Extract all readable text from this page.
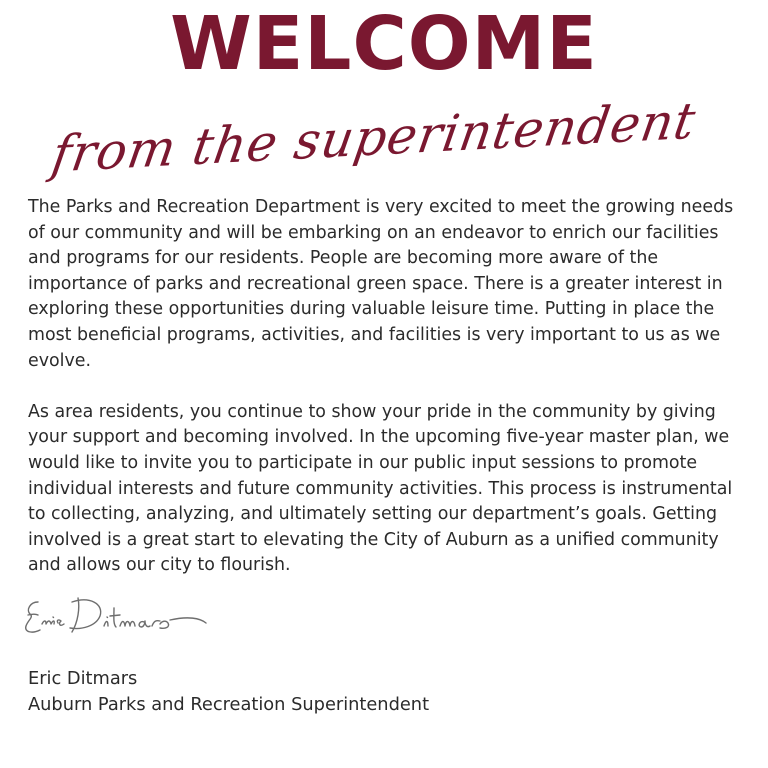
WELCOME
from the superintendent

The Parks and Recreation Department is very excited to meet the growing needs of our community and will be embarking on an endeavor to enrich our facilities and programs for our residents. People are becoming more aware of the importance of parks and recreational green space. There is a greater interest in exploring these opportunities during valuable leisure time. Putting in place the most beneficial programs, activities, and facilities is very important to us as we evolve.

As area residents, you continue to show your pride in the community by giving your support and becoming involved. In the upcoming five-year master plan, we would like to invite you to participate in our public input sessions to promote individual interests and future community activities. This process is instrumental to collecting, analyzing, and ultimately setting our department’s goals. Getting involved is a great start to elevating the City of Auburn as a unified community and allows our city to flourish.

Eric Ditmars
Auburn Parks and Recreation Superintendent
